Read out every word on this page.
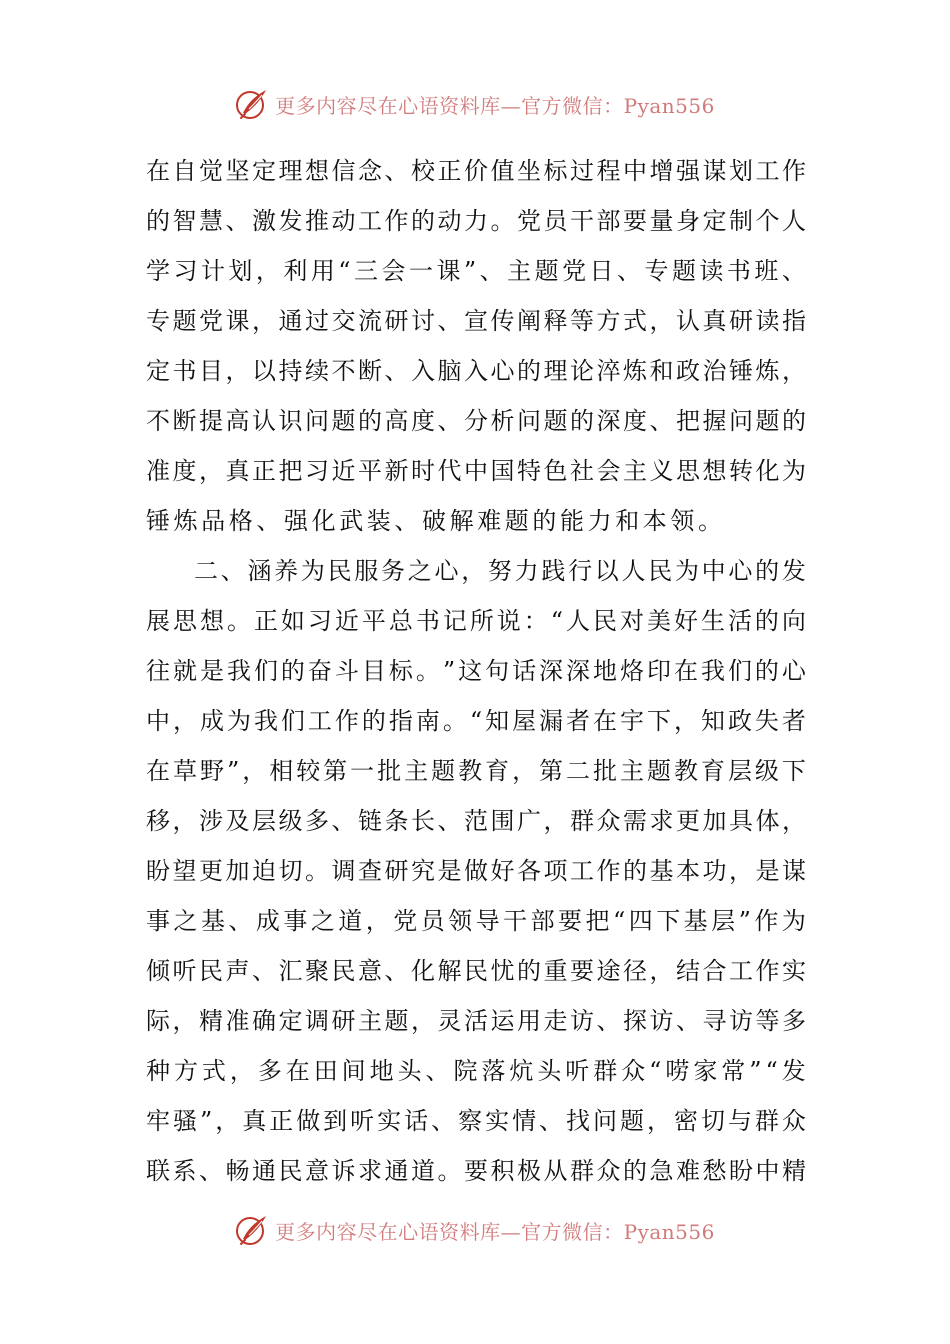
更多内容尽在心语资料库—官方微信：Pyan556
在 自 觉 坚 定 理 想 信 念 、 校 正 价 值 坐 标 过 程 中 增 强 谋 划 工 作
的 智 慧 、 激 发 推 动 工 作 的 动 力 。 党 员 干 部 要 量 身 定 制 个 人
学 习 计 划 ， 利 用 “ 三 会 一 课 ” 、 主 题 党 日 、 专 题 读 书 班 、
专 题 党 课 ， 通 过 交 流 研 讨 、 宣 传 阐 释 等 方 式 ， 认 真 研 读 指
定 书 目 ， 以 持 续 不 断 、 入 脑 入 心 的 理 论 淬 炼 和 政 治 锤 炼 ，
不 断 提 高 认 识 问 题 的 高 度 、 分 析 问 题 的 深 度 、 把 握 问 题 的
准 度 ， 真 正 把 习 近 平 新 时 代 中 国 特 色 社 会 主 义 思 想 转 化 为
锤炼品格、强化武装、破解难题的能力和本领。
二 、 涵 养 为 民 服 务 之 心 ， 努 力 践 行 以 人 民 为 中 心 的 发
展 思 想 。 正 如 习 近 平 总 书 记 所 说 ： “ 人 民 对 美 好 生 活 的 向
往 就 是 我 们 的 奋 斗 目 标 。 ” 这 句 话 深 深 地 烙 印 在 我 们 的 心
中 ， 成 为 我 们 工 作 的 指 南 。 “ 知 屋 漏 者 在 宇 下 ， 知 政 失 者
在 草 野 ” ， 相 较 第 一 批 主 题 教 育 ， 第 二 批 主 题 教 育 层 级 下
移 ， 涉 及 层 级 多 、 链 条 长 、 范 围 广 ， 群 众 需 求 更 加 具 体 ，
盼 望 更 加 迫 切 。 调 查 研 究 是 做 好 各 项 工 作 的 基 本 功 ， 是 谋
事 之 基 、 成 事 之 道 ， 党 员 领 导 干 部 要 把 “ 四 下 基 层 ” 作 为
倾 听 民 声 、 汇 聚 民 意 、 化 解 民 忧 的 重 要 途 径 ， 结 合 工 作 实
际 ， 精 准 确 定 调 研 主 题 ， 灵 活 运 用 走 访 、 探 访 、 寻 访 等 多
种 方 式 ， 多 在 田 间 地 头 、 院 落 炕 头 听 群 众 “ 唠 家 常 ” “ 发
牢 骚 ” ， 真 正 做 到 听 实 话 、 察 实 情 、 找 问 题 ， 密 切 与 群 众
联 系 、 畅 通 民 意 诉 求 通 道 。 要 积 极 从 群 众 的 急 难 愁 盼 中 精
更多内容尽在心语资料库—官方微信：Pyan556
